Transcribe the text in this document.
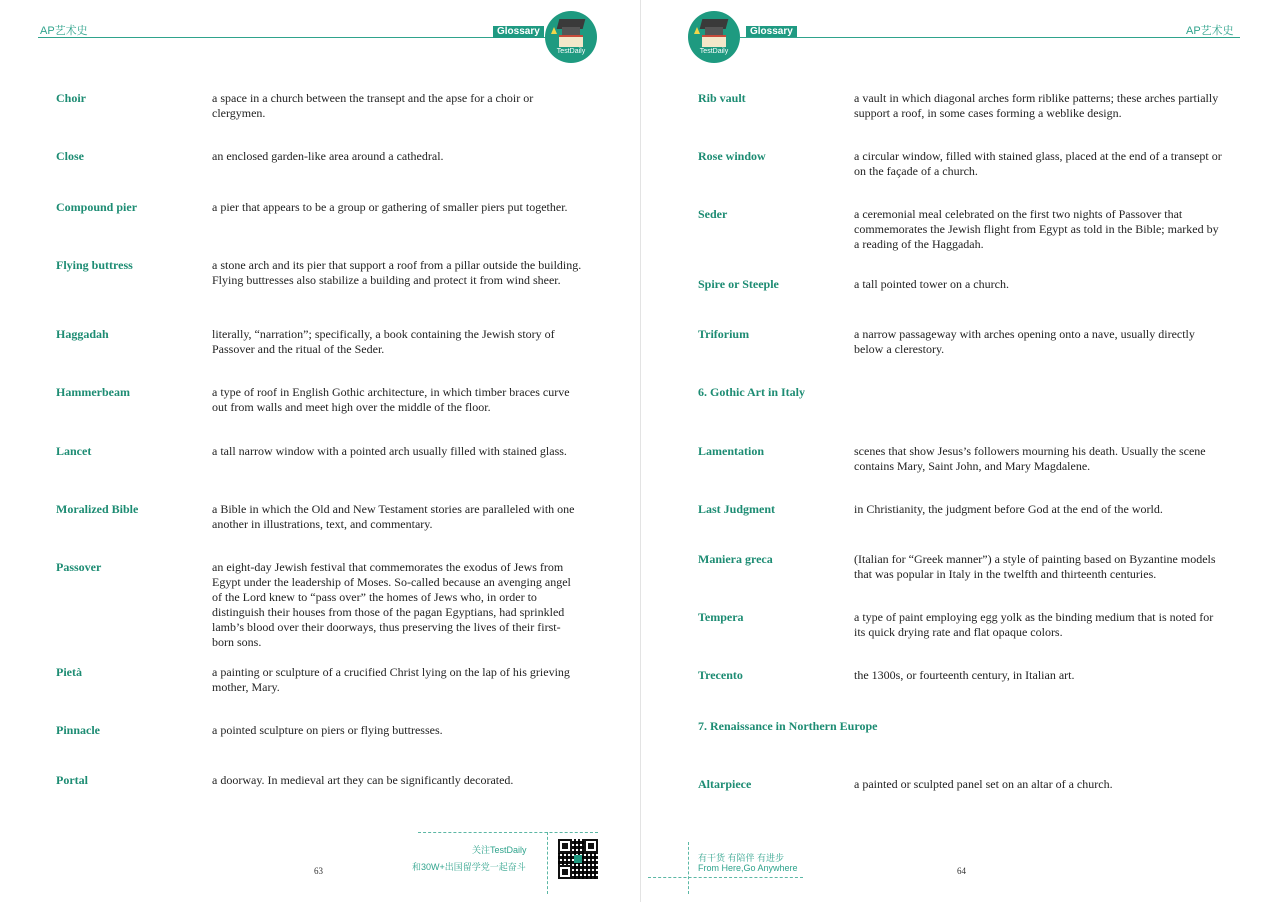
AP艺术史	Glossary
TestDaily
Choir	a space in a church between the transept and the apse for a choir or clergymen.
Close	an enclosed garden-like area around a cathedral.
Compound pier	a pier that appears to be a group or gathering of smaller piers put together.
Flying buttress	a stone arch and its pier that support a roof from a pillar outside the building. Flying buttresses also stabilize a building and protect it from wind sheer.
Haggadah	literally, “narration”; specifically, a book containing the Jewish story of Passover and the ritual of the Seder.
Hammerbeam	a type of roof in English Gothic architecture, in which timber braces curve out from walls and meet high over the middle of the floor.
Lancet	a tall narrow window with a pointed arch usually filled with stained glass.
Moralized Bible	a Bible in which the Old and New Testament stories are paralleled with one another in illustrations, text, and commentary.
Passover	an eight-day Jewish festival that commemorates the exodus of Jews from Egypt under the leadership of Moses. So-called because an avenging angel of the Lord knew to “pass over” the homes of Jews who, in order to distinguish their houses from those of the pagan Egyptians, had sprinkled lamb’s blood over their doorways, thus preserving the lives of their first-born sons.
Pietà	a painting or sculpture of a crucified Christ lying on the lap of his grieving mother, Mary.
Pinnacle	a pointed sculpture on piers or flying buttresses.
Portal	a doorway. In medieval art they can be significantly decorated.
63
关注TestDaily
和30W+出国留学党一起奋斗
TestDaily
Glossary	AP艺术史
Rib vault	a vault in which diagonal arches form riblike patterns; these arches partially support a roof, in some cases forming a weblike design.
Rose window	a circular window, filled with stained glass, placed at the end of a transept or on the façade of a church.
Seder	a ceremonial meal celebrated on the first two nights of Passover that commemorates the Jewish flight from Egypt as told in the Bible; marked by a reading of the Haggadah.
Spire or Steeple	a tall pointed tower on a church.
Triforium	a narrow passageway with arches opening onto a nave, usually directly below a clerestory.
6. Gothic Art in Italy
Lamentation	scenes that show Jesus’s followers mourning his death. Usually the scene contains Mary, Saint John, and Mary Magdalene.
Last Judgment	in Christianity, the judgment before God at the end of the world.
Maniera greca	(Italian for “Greek manner”) a style of painting based on Byzantine models that was popular in Italy in the twelfth and thirteenth centuries.
Tempera	a type of paint employing egg yolk as the binding medium that is noted for its quick drying rate and flat opaque colors.
Trecento	the 1300s, or fourteenth century, in Italian art.
7. Renaissance in Northern Europe
Altarpiece	a painted or sculpted panel set on an altar of a church.
有干货 有陪伴 有进步
From Here,Go Anywhere	64
